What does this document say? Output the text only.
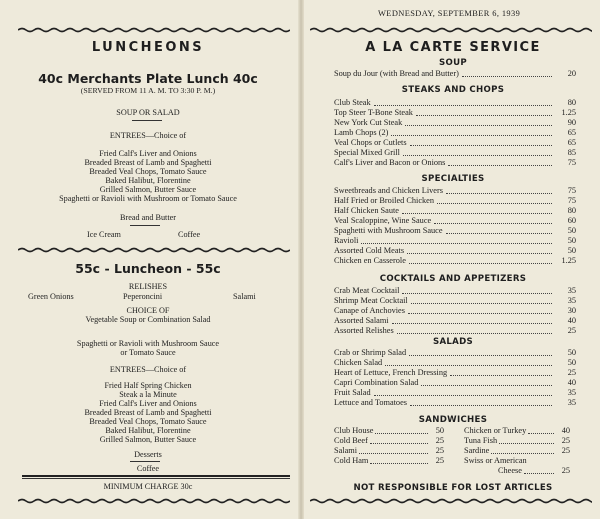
LUNCHEONS
40c Merchants Plate Lunch 40c
(SERVED FROM 11 A. M. TO 3:30 P. M.)
SOUP OR SALAD
ENTREES—Choice of
Fried Calf's Liver and Onions
Breaded Breast of Lamb and Spaghetti
Breaded Veal Chops, Tomato Sauce
Baked Halibut, Florentine
Grilled Salmon, Butter Sauce
Spaghetti or Ravioli with Mushroom or Tomato Sauce
Bread and Butter
Ice Cream	Coffee
55c - Luncheon - 55c
RELISHES
Green Onions	Peperoncini	Salami
CHOICE OF
Vegetable Soup or Combination Salad
Spaghetti or Ravioli with Mushroom Sauce
or Tomato Sauce
ENTREES—Choice of
Fried Half Spring Chicken
Steak a la Minute
Fried Calf's Liver and Onions
Breaded Breast of Lamb and Spaghetti
Breaded Veal Chops, Tomato Sauce
Baked Halibut, Florentine
Grilled Salmon, Butter Sauce
Desserts
Coffee
MINIMUM CHARGE 30c
WEDNESDAY, SEPTEMBER 6, 1939
A LA CARTE SERVICE
SOUP
Soup du Jour (with Bread and Butter)	20
STEAKS AND CHOPS
Club Steak	80
Top Steer T-Bone Steak	1.25
New York Cut Steak	90
Lamb Chops (2)	65
Veal Chops or Cutlets	65
Special Mixed Grill	85
Calf's Liver and Bacon or Onions	75
SPECIALTIES
Sweetbreads and Chicken Livers	75
Half Fried or Broiled Chicken	75
Half Chicken Saute	80
Veal Scaloppine, Wine Sauce	60
Spaghetti with Mushroom Sauce	50
Ravioli	50
Assorted Cold Meats	50
Chicken en Casserole	1.25
COCKTAILS AND APPETIZERS
Crab Meat Cocktail	35
Shrimp Meat Cocktail	35
Canape of Anchovies	30
Assorted Salami	40
Assorted Relishes	25
SALADS
Crab or Shrimp Salad	50
Chicken Salad	50
Heart of Lettuce, French Dressing	25
Capri Combination Salad	40
Fruit Salad	35
Lettuce and Tomatoes	35
SANDWICHES
Club House	50
Cold Beef	25
Salami	25
Cold Ham	25
Chicken or Turkey	40
Tuna Fish	25
Sardine	25
Swiss or American
Cheese	25
NOT RESPONSIBLE FOR LOST ARTICLES
